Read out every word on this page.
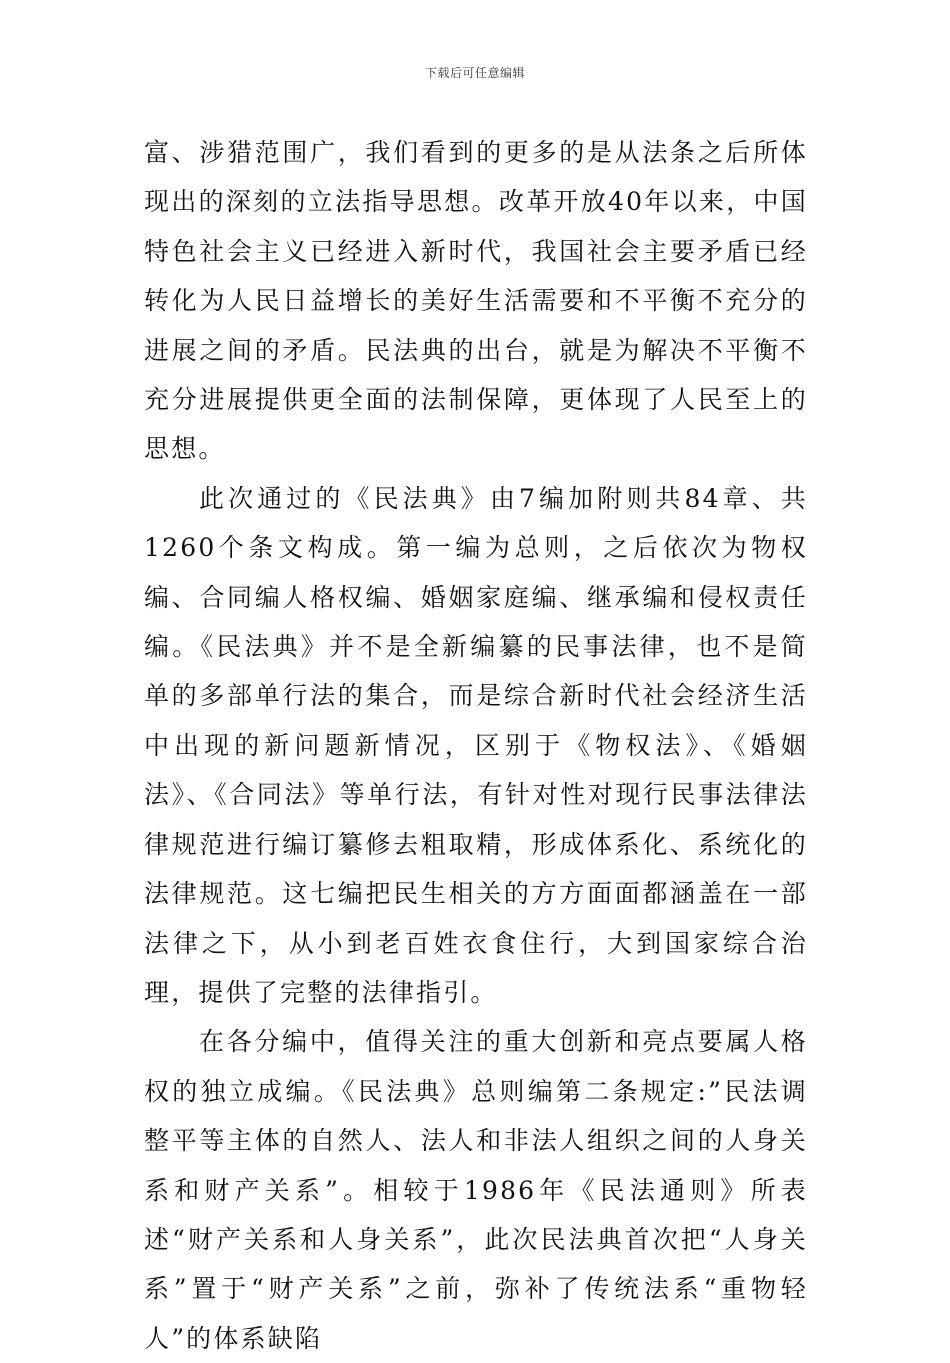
下载后可任意编辑

富、涉猎范围广，我们看到的更多的是从法条之后所体现出的深刻的立法指导思想。改革开放40年以来，中国特色社会主义已经进入新时代，我国社会主要矛盾已经转化为人民日益增长的美好生活需要和不平衡不充分的进展之间的矛盾。民法典的出台，就是为解决不平衡不充分进展提供更全面的法制保障，更体现了人民至上的思想。

此次通过的《民法典》由7编加附则共84章、共1260个条文构成。第一编为总则，之后依次为物权编、合同编人格权编、婚姻家庭编、继承编和侵权责任编。《民法典》并不是全新编纂的民事法律，也不是简单的多部单行法的集合，而是综合新时代社会经济生活中出现的新问题新情况，区别于《物权法》、《婚姻法》、《合同法》等单行法，有针对性对现行民事法律法律规范进行编订纂修去粗取精，形成体系化、系统化的法律规范。这七编把民生相关的方方面面都涵盖在一部法律之下，从小到老百姓衣食住行，大到国家综合治理，提供了完整的法律指引。

在各分编中，值得关注的重大创新和亮点要属人格权的独立成编。《民法典》总则编第二条规定:”民法调整平等主体的自然人、法人和非法人组织之间的人身关系和财产关系”。相较于1986年《民法通则》所表述“财产关系和人身关系”，此次民法典首次把“人身关系”置于“财产关系”之前，弥补了传统法系“重物轻人”的体系缺陷
